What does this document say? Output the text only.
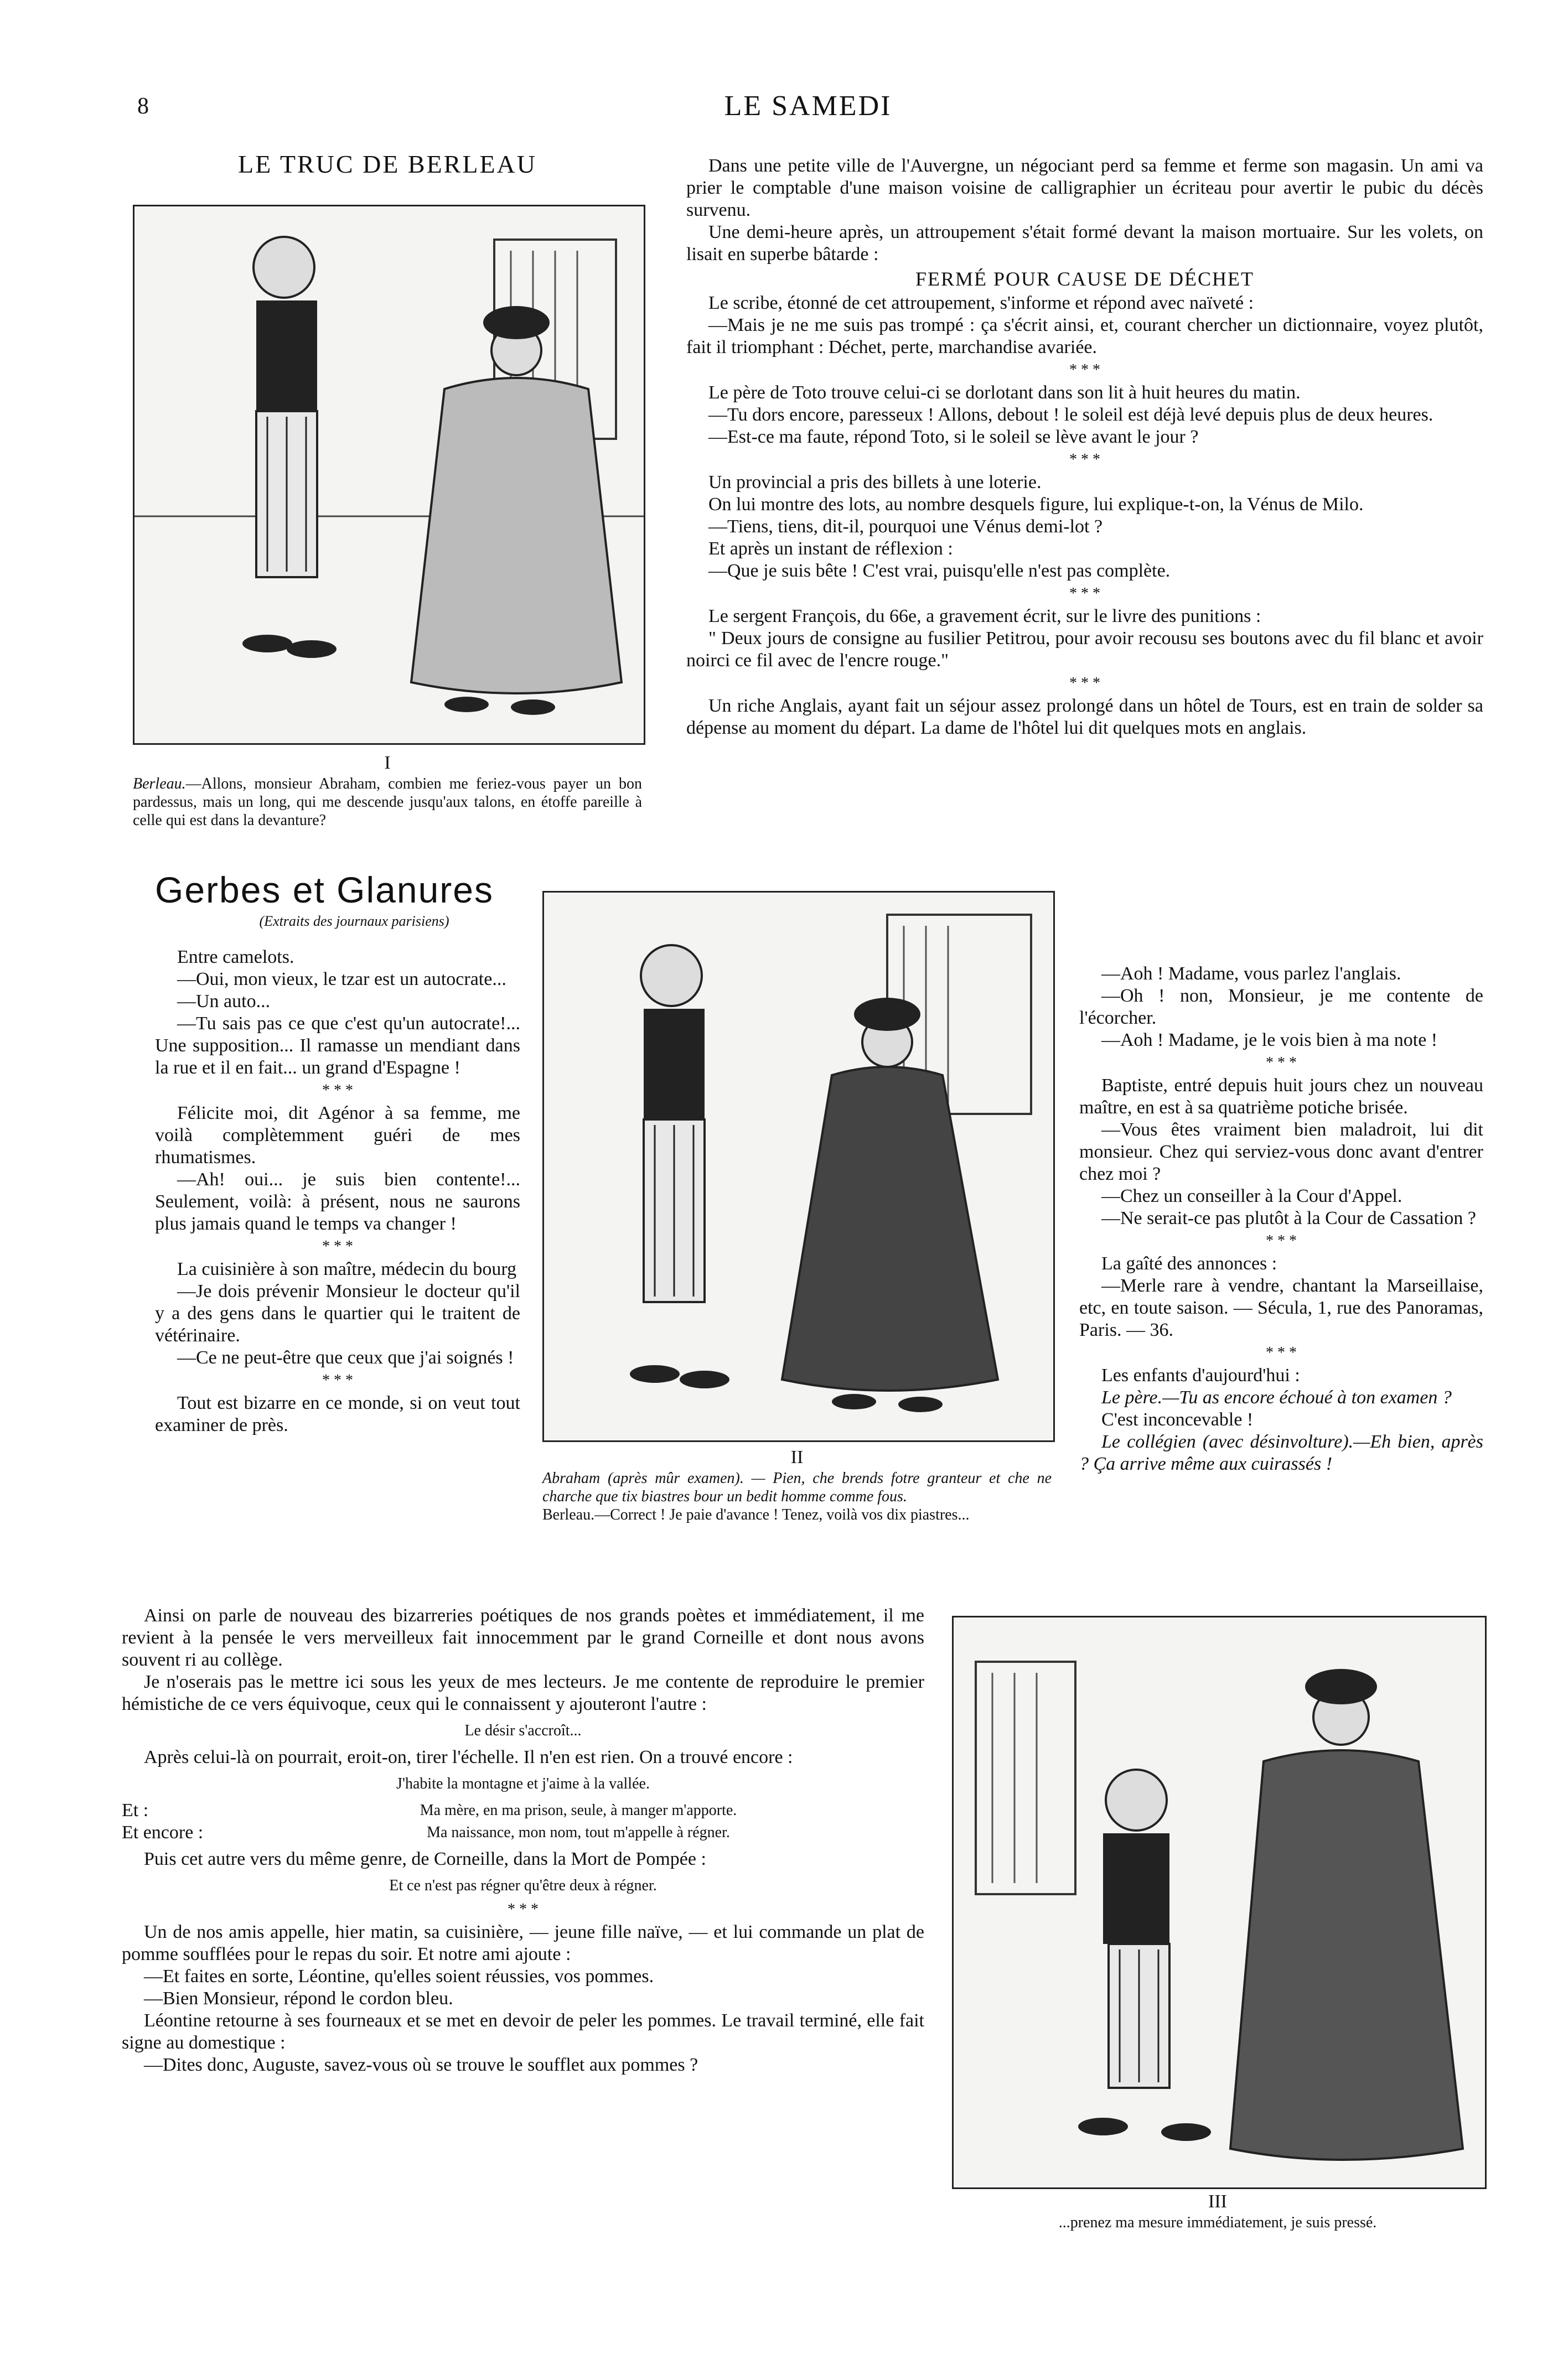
8	LE SAMEDI
LE TRUC DE BERLEAU
I
Berleau.—Allons, monsieur Abraham, combien me feriez-vous payer un bon pardessus, mais un long, qui me descende jusqu'aux talons, en étoffe pareille à celle qui est dans la devanture?
Gerbes et Glanures
(Extraits des journaux parisiens)

Entre camelots.

—Oui, mon vieux, le tzar est un autocrate...

—Un auto...

—Tu sais pas ce que c'est qu'un autocrate!... Une supposition... Il ramasse un mendiant dans la rue et il en fait... un grand d'Espagne !

* * *

Félicite moi, dit Agénor à sa femme, me voilà complètemment guéri de mes rhumatismes.

—Ah! oui... je suis bien contente!... Seulement, voilà: à présent, nous ne saurons plus jamais quand le temps va changer !

* * *

La cuisinière à son maître, médecin du bourg

—Je dois prévenir Monsieur le docteur qu'il y a des gens dans le quartier qui le traitent de vétérinaire.

—Ce ne peut-être que ceux que j'ai soignés !

* * *

Tout est bizarre en ce monde, si on veut tout examiner de près.

II
Abraham (après mûr examen). — Pien, che brends fotre granteur et che ne charche que tix biastres bour un bedit homme comme fous.
Berleau.—Correct ! Je paie d'avance ! Tenez, voilà vos dix piastres...

Dans une petite ville de l'Auvergne, un négociant perd sa femme et ferme son magasin. Un ami va prier le comptable d'une maison voisine de calligraphier un écriteau pour avertir le pubic du décès survenu.

Une demi-heure après, un attroupement s'était formé devant la maison mortuaire. Sur les volets, on lisait en superbe bâtarde :

FERMÉ POUR CAUSE DE DÉCHET

Le scribe, étonné de cet attroupement, s'informe et répond avec naïveté :

—Mais je ne me suis pas trompé : ça s'écrit ainsi, et, courant chercher un dictionnaire, voyez plutôt, fait il triomphant : Déchet, perte, marchandise avariée.

* * *

Le père de Toto trouve celui-ci se dorlotant dans son lit à huit heures du matin.

—Tu dors encore, paresseux ! Allons, debout ! le soleil est déjà levé depuis plus de deux heures.

—Est-ce ma faute, répond Toto, si le soleil se lève avant le jour ?

* * *

Un provincial a pris des billets à une loterie.

On lui montre des lots, au nombre desquels figure, lui explique-t-on, la Vénus de Milo.

—Tiens, tiens, dit-il, pourquoi une Vénus demi-lot ?

Et après un instant de réflexion :

—Que je suis bête ! C'est vrai, puisqu'elle n'est pas complète.

* * *

Le sergent François, du 66e, a gravement écrit, sur le livre des punitions :

" Deux jours de consigne au fusilier Petitrou, pour avoir recousu ses boutons avec du fil blanc et avoir noirci ce fil avec de l'encre rouge."

* * *

Un riche Anglais, ayant fait un séjour assez prolongé dans un hôtel de Tours, est en train de solder sa dépense au moment du départ. La dame de l'hôtel lui dit quelques mots en anglais.

—Aoh ! Madame, vous parlez l'anglais.

—Oh ! non, Monsieur, je me contente de l'écorcher.

—Aoh ! Madame, je le vois bien à ma note !

* * *

Baptiste, entré depuis huit jours chez un nouveau maître, en est à sa quatrième potiche brisée.

—Vous êtes vraiment bien maladroit, lui dit monsieur. Chez qui serviez-vous donc avant d'entrer chez moi ?

—Chez un conseiller à la Cour d'Appel.

—Ne serait-ce pas plutôt à la Cour de Cassation ?

* * *

La gaîté des annonces :

—Merle rare à vendre, chantant la Marseillaise, etc, en toute saison. — Sécula, 1, rue des Panoramas, Paris. — 36.

* * *

Les enfants d'aujourd'hui :

Le père.—Tu as encore échoué à ton examen ?

C'est inconcevable !

Le collégien (avec désinvolture).—Eh bien, après ? Ça arrive même aux cuirassés !

Ainsi on parle de nouveau des bizarreries poétiques de nos grands poètes et immédiatement, il me revient à la pensée le vers merveilleux fait innocemment par le grand Corneille et dont nous avons souvent ri au collège.

Je n'oserais pas le mettre ici sous les yeux de mes lecteurs. Je me contente de reproduire le premier hémistiche de ce vers équivoque, ceux qui le connaissent y ajouteront l'autre :

Le désir s'accroît...

Après celui-là on pourrait, eroit-on, tirer l'échelle. Il n'en est rien. On a trouvé encore :

J'habite la montagne et j'aime à la vallée.
Et :	Ma mère, en ma prison, seule, à manger m'apporte.
Et encore :	Ma naissance, mon nom, tout m'appelle à régner.

Puis cet autre vers du même genre, de Corneille, dans la Mort de Pompée :

Et ce n'est pas régner qu'être deux à régner.
* * *

Un de nos amis appelle, hier matin, sa cuisinière, — jeune fille naïve, — et lui commande un plat de pomme soufflées pour le repas du soir. Et notre ami ajoute :

—Et faites en sorte, Léontine, qu'elles soient réussies, vos pommes.

—Bien Monsieur, répond le cordon bleu.

Léontine retourne à ses fourneaux et se met en devoir de peler les pommes. Le travail terminé, elle fait signe au domestique :

—Dites donc, Auguste, savez-vous où se trouve le soufflet aux pommes ?

III
...prenez ma mesure immédiatement, je suis pressé.
